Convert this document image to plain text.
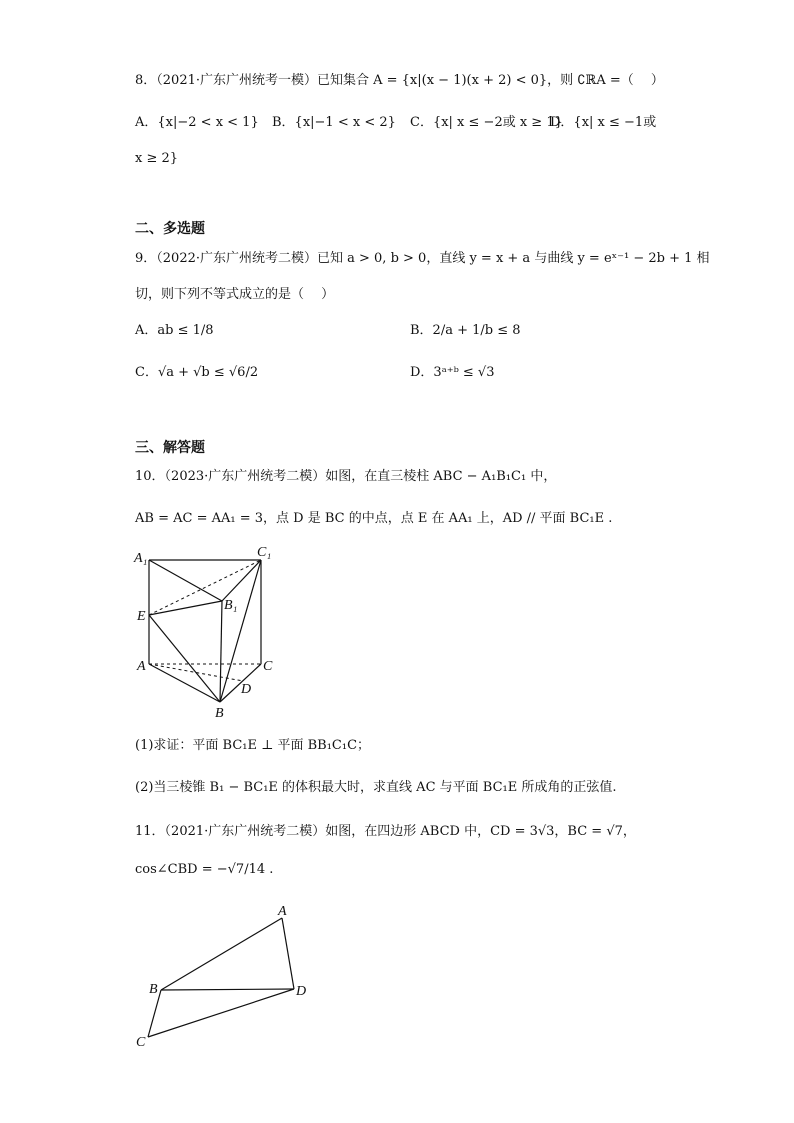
8．（2021·广东广州统考一模）已知集合 A = {x|(x − 1)(x + 2) < 0}，则 ∁ℝA =（　 ）
A．{x|−2 < x < 1} B．{x|−1 < x < 2} C．{x| x ≤ −2或 x ≥ 1}
D．{x| x ≤ −1或
x ≥ 2}
二、多选题
9．（2022·广东广州统考二模）已知 a > 0, b > 0，直线 y = x + a 与曲线 y = eˣ⁻¹ − 2b + 1 相
切，则下列不等式成立的是（　 ）
A．ab ≤ 1/8	B．2/a + 1/b ≤ 8
C．√a + √b ≤ √6/2	D．3ᵃ⁺ᵇ ≤ √3
三、解答题
10．（2023·广东广州统考二模）如图，在直三棱柱 ABC − A₁B₁C₁ 中，
AB = AC = AA₁ = 3，点 D 是 BC 的中点，点 E 在 AA₁ 上，AD // 平面 BC₁E .
A₁	C₁
B₁
E
A	C
D
B
(1)求证：平面 BC₁E ⊥ 平面 BB₁C₁C；
(2)当三棱锥 B₁ − BC₁E 的体积最大时，求直线 AC 与平面 BC₁E 所成角的正弦值.
11．（2021·广东广州统考二模）如图，在四边形 ABCD 中，CD = 3√3，BC = √7，
cos∠CBD = −√7/14 .
A
B	D
C
